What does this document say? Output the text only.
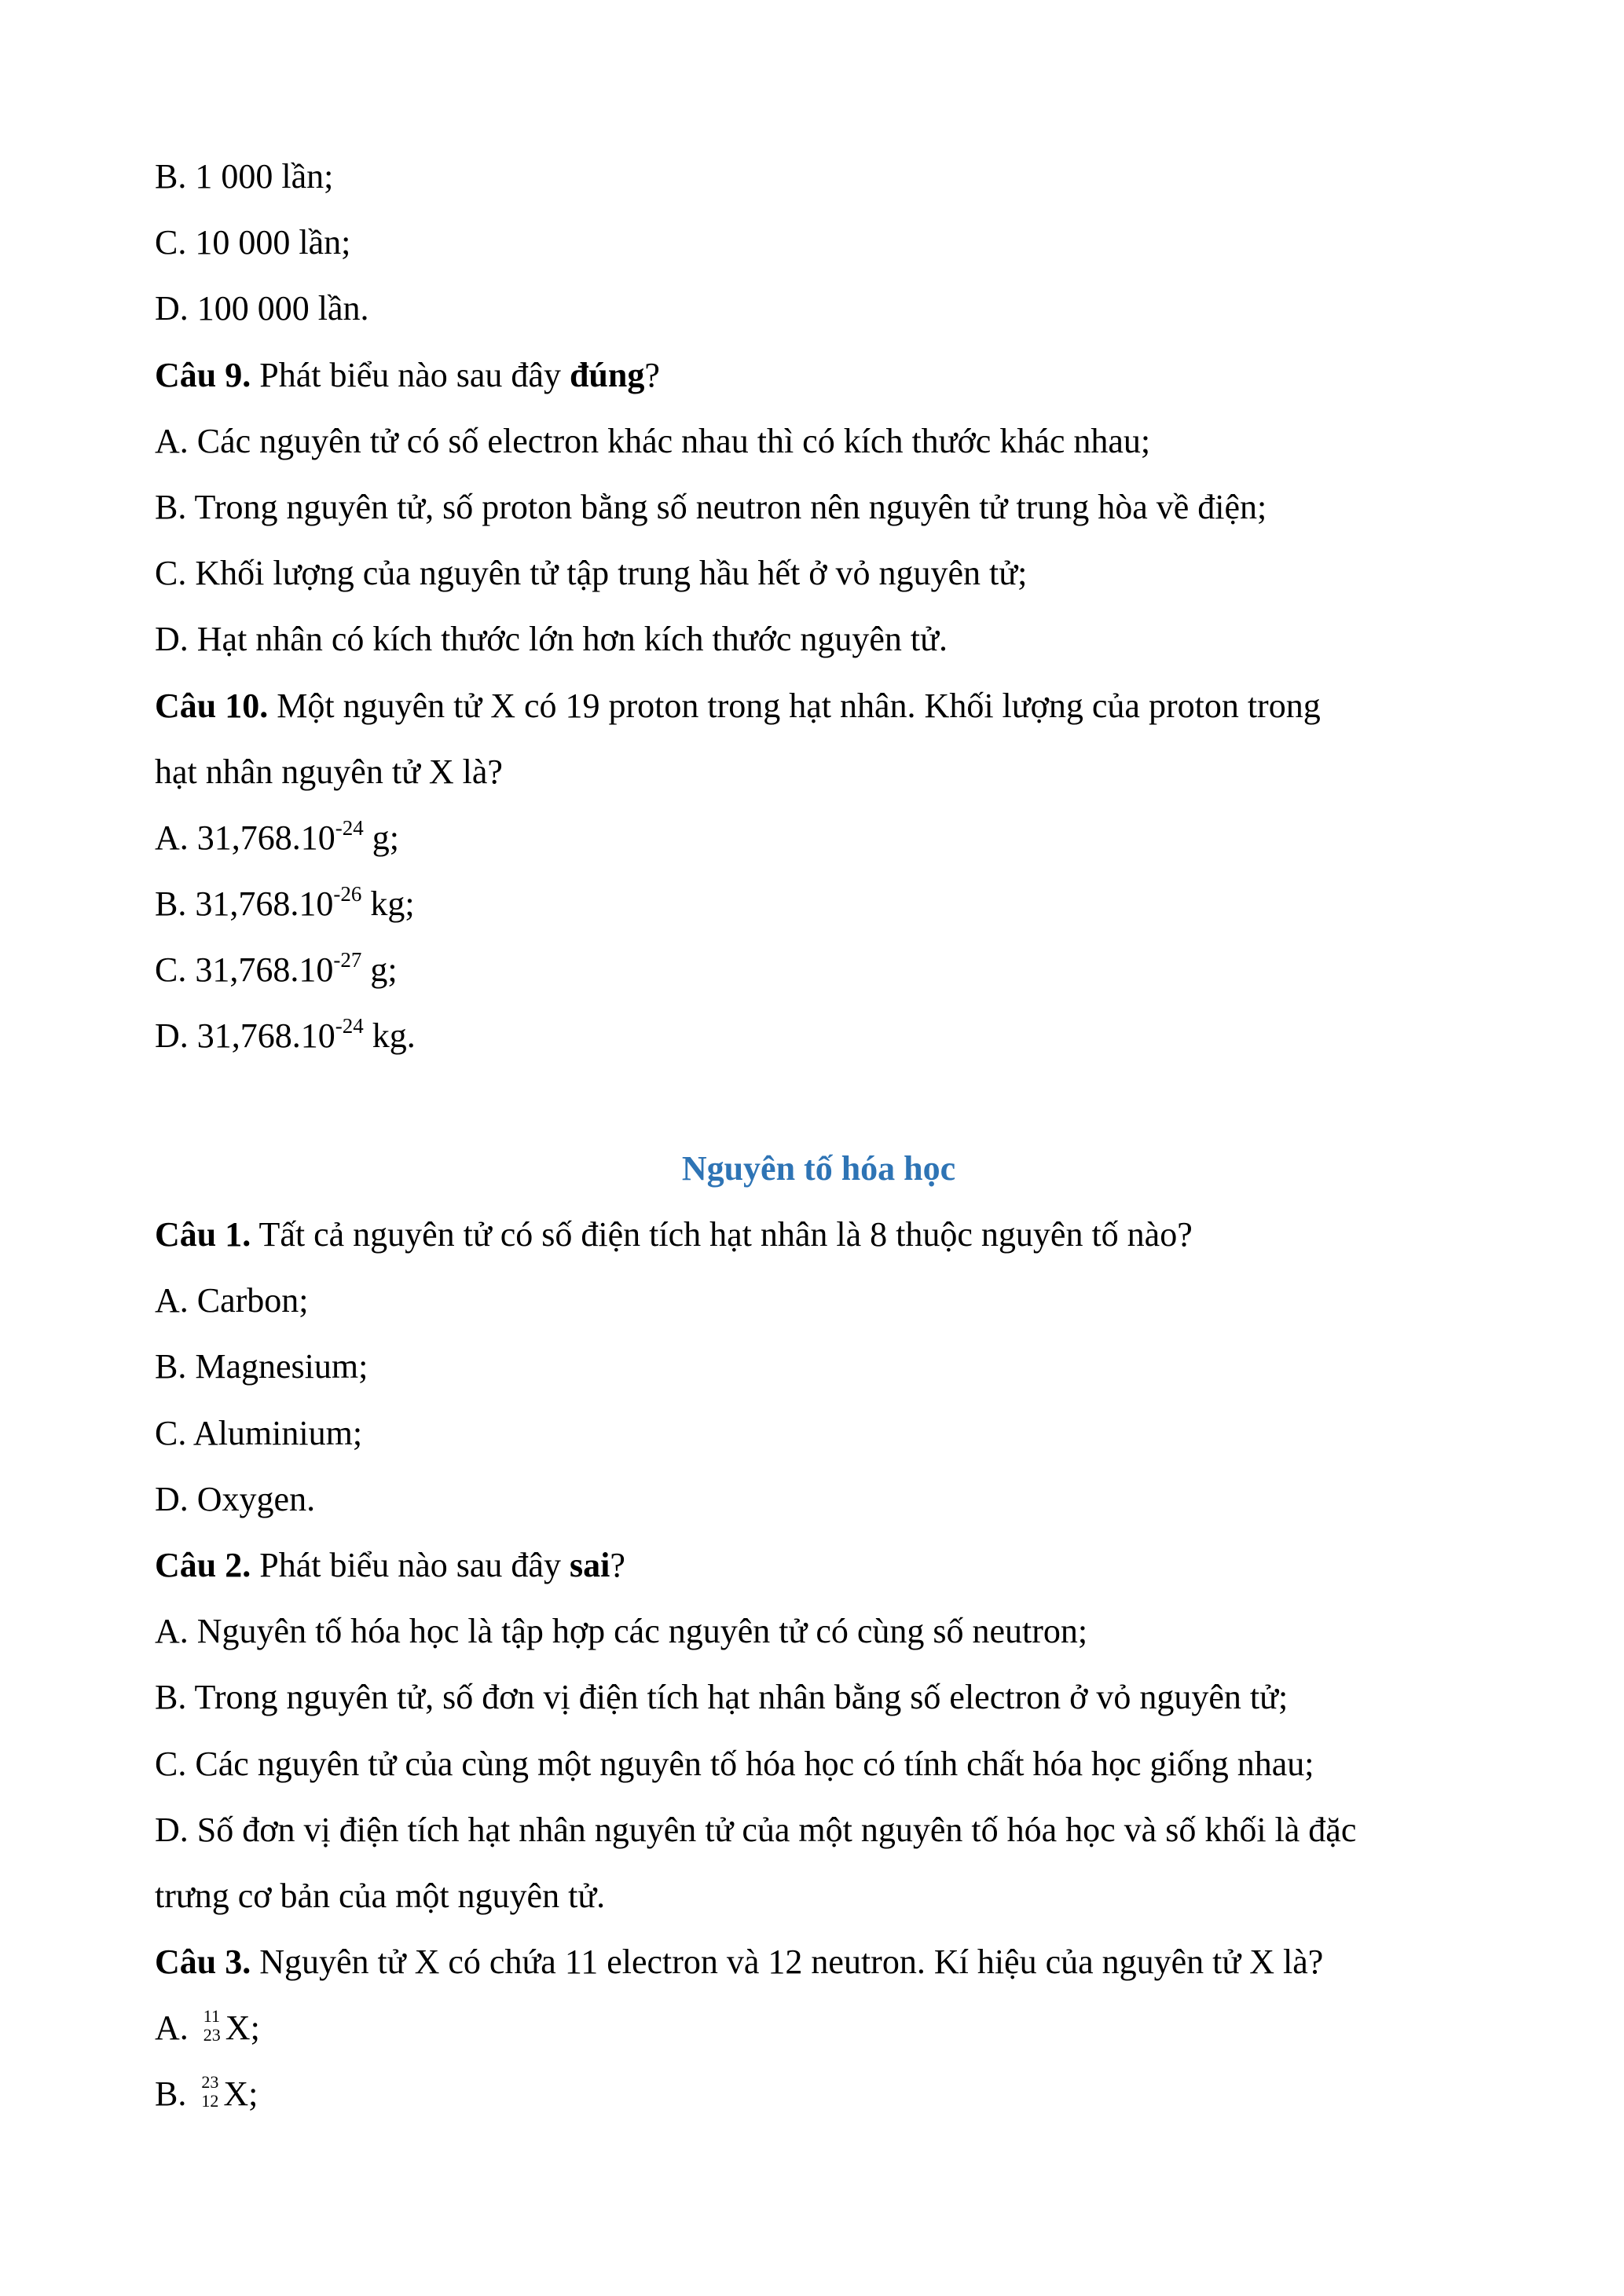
B. 1 000 lần;
C. 10 000 lần;
D. 100 000 lần.
Câu 9. Phát biểu nào sau đây đúng?
A. Các nguyên tử có số electron khác nhau thì có kích thước khác nhau;
B. Trong nguyên tử, số proton bằng số neutron nên nguyên tử trung hòa về điện;
C. Khối lượng của nguyên tử tập trung hầu hết ở vỏ nguyên tử;
D. Hạt nhân có kích thước lớn hơn kích thước nguyên tử.
Câu 10. Một nguyên tử X có 19 proton trong hạt nhân. Khối lượng của proton trong
hạt nhân nguyên tử X là?
A. $31,768.10^{-24}$ g;
B. $31,768.10^{-26}$ kg;
C. $31,768.10^{-27}$ g;
D. $31,768.10^{-24}$ kg.
Nguyên tố hóa học
Câu 1. Tất cả nguyên tử có số điện tích hạt nhân là 8 thuộc nguyên tố nào?
A. Carbon;
B. Magnesium;
C. Aluminium;
D. Oxygen.
Câu 2. Phát biểu nào sau đây sai?
A. Nguyên tố hóa học là tập hợp các nguyên tử có cùng số neutron;
B. Trong nguyên tử, số đơn vị điện tích hạt nhân bằng số electron ở vỏ nguyên tử;
C. Các nguyên tử của cùng một nguyên tố hóa học có tính chất hóa học giống nhau;
D. Số đơn vị điện tích hạt nhân nguyên tử của một nguyên tố hóa học và số khối là đặc
trưng cơ bản của một nguyên tử.
Câu 3. Nguyên tử X có chứa 11 electron và 12 neutron. Kí hiệu của nguyên tử X là?
A. 11
23 X;
B. 23
12 X;
